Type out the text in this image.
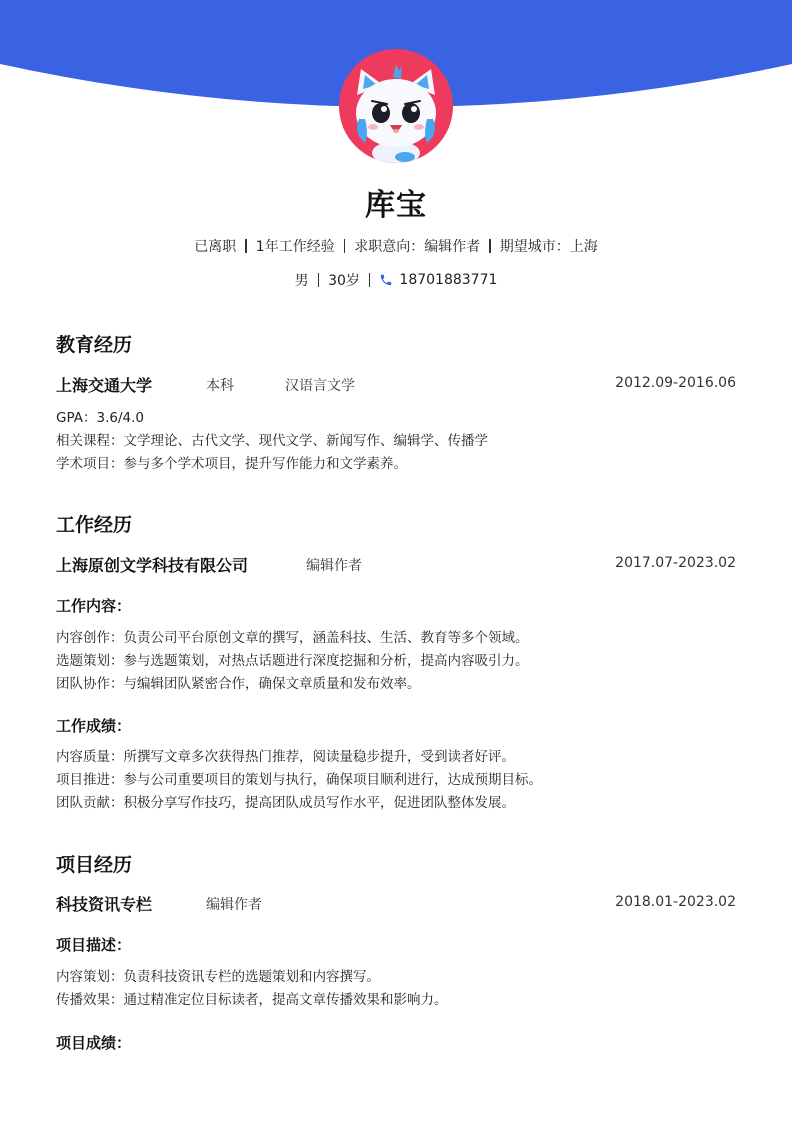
库宝
已离职 1年工作经验 求职意向：编辑作者 期望城市：上海
男 30岁	18701883771
教育经历
上海交通大学	本科	汉语言文学	2012.09-2016.06
GPA：3.6/4.0
相关课程：文学理论、古代文学、现代文学、新闻写作、编辑学、传播学
学术项目：参与多个学术项目，提升写作能力和文学素养。
工作经历
上海原创文学科技有限公司	编辑作者	2017.07-2023.02
工作内容：
内容创作：负责公司平台原创文章的撰写，涵盖科技、生活、教育等多个领域。
选题策划：参与选题策划，对热点话题进行深度挖掘和分析，提高内容吸引力。
团队协作：与编辑团队紧密合作，确保文章质量和发布效率。
工作成绩：
内容质量：所撰写文章多次获得热门推荐，阅读量稳步提升，受到读者好评。
项目推进：参与公司重要项目的策划与执行，确保项目顺利进行，达成预期目标。
团队贡献：积极分享写作技巧，提高团队成员写作水平，促进团队整体发展。
项目经历
科技资讯专栏	编辑作者	2018.01-2023.02
项目描述：
内容策划：负责科技资讯专栏的选题策划和内容撰写。
传播效果：通过精准定位目标读者，提高文章传播效果和影响力。
项目成绩：
